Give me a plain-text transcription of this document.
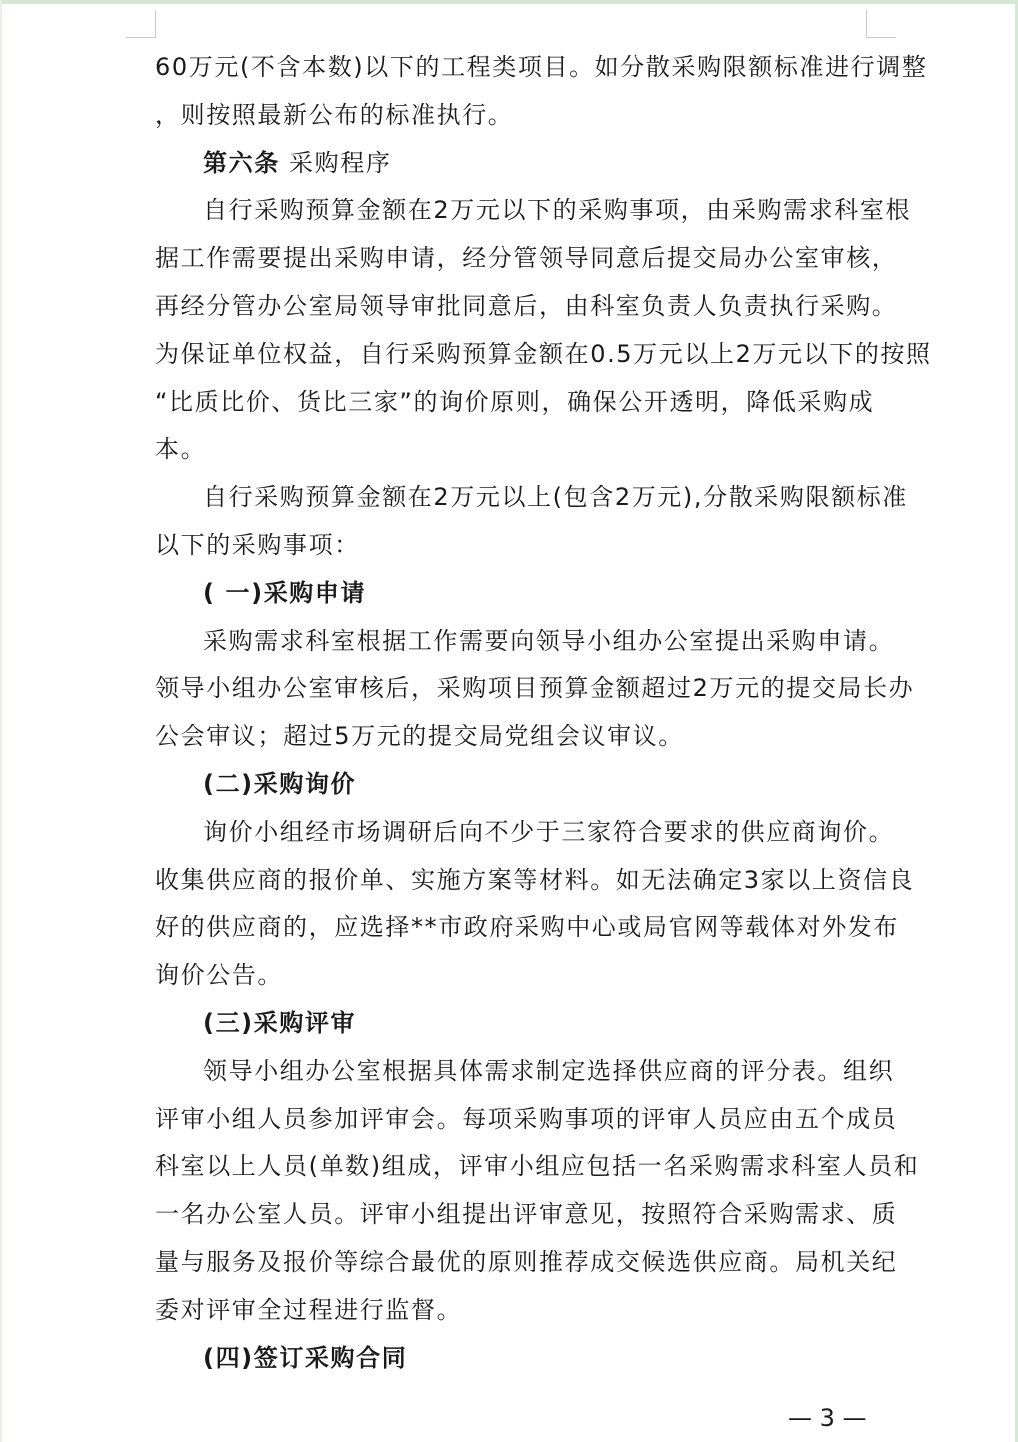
60万元(不含本数)以下的工程类项目。如分散采购限额标准进行调整
，则按照最新公布的标准执行。
第六条 采购程序
自行采购预算金额在2万元以下的采购事项，由采购需求科室根
据工作需要提出采购申请，经分管领导同意后提交局办公室审核，
再经分管办公室局领导审批同意后，由科室负责人负责执行采购。
为保证单位权益，自行采购预算金额在0.5万元以上2万元以下的按照
“比质比价、货比三家”的询价原则，确保公开透明，降低采购成
本。
自行采购预算金额在2万元以上(包含2万元),分散采购限额标准
以下的采购事项：
( 一)采购申请
采购需求科室根据工作需要向领导小组办公室提出采购申请。
领导小组办公室审核后，采购项目预算金额超过2万元的提交局长办
公会审议；超过5万元的提交局党组会议审议。
(二)采购询价
询价小组经市场调研后向不少于三家符合要求的供应商询价。
收集供应商的报价单、实施方案等材料。如无法确定3家以上资信良
好的供应商的，应选择**市政府采购中心或局官网等载体对外发布
询价公告。
(三)采购评审
领导小组办公室根据具体需求制定选择供应商的评分表。组织
评审小组人员参加评审会。每项采购事项的评审人员应由五个成员
科室以上人员(单数)组成，评审小组应包括一名采购需求科室人员和
一名办公室人员。评审小组提出评审意见，按照符合采购需求、质
量与服务及报价等综合最优的原则推荐成交候选供应商。局机关纪
委对评审全过程进行监督。
(四)签订采购合同
— 3 —
